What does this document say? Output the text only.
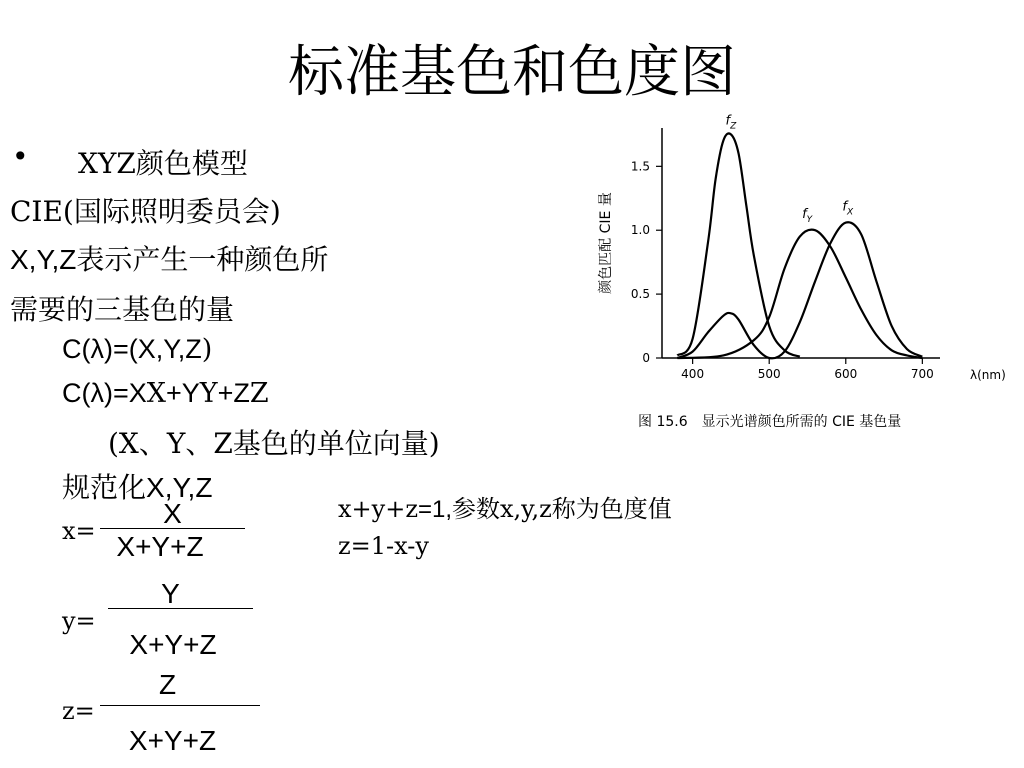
标准基色和色度图
• XYZ颜色模型
CIE(国际照明委员会)
X,Y,Z表示产生一种颜色所
需要的三基色的量
C(λ)=(X,Y,Z)
C(λ)=XX+YY+ZZ
(X、Y、Z基色的单位向量)
规范化X,Y,Z
x+y+z=1,参数x,y,z称为色度值
z=1-x-y
x=
X
X+Y+Z
y=
Y
X+Y+Z
z=
Z
X+Y+Z
λ(nm)
颜色匹配 CIE 量
400	500	600	700
0
0.5
1.0
1.5
$f_Z$
$f_Y$
$f_X$
图 15.6　显示光谱颜色所需的 CIE 基色量
